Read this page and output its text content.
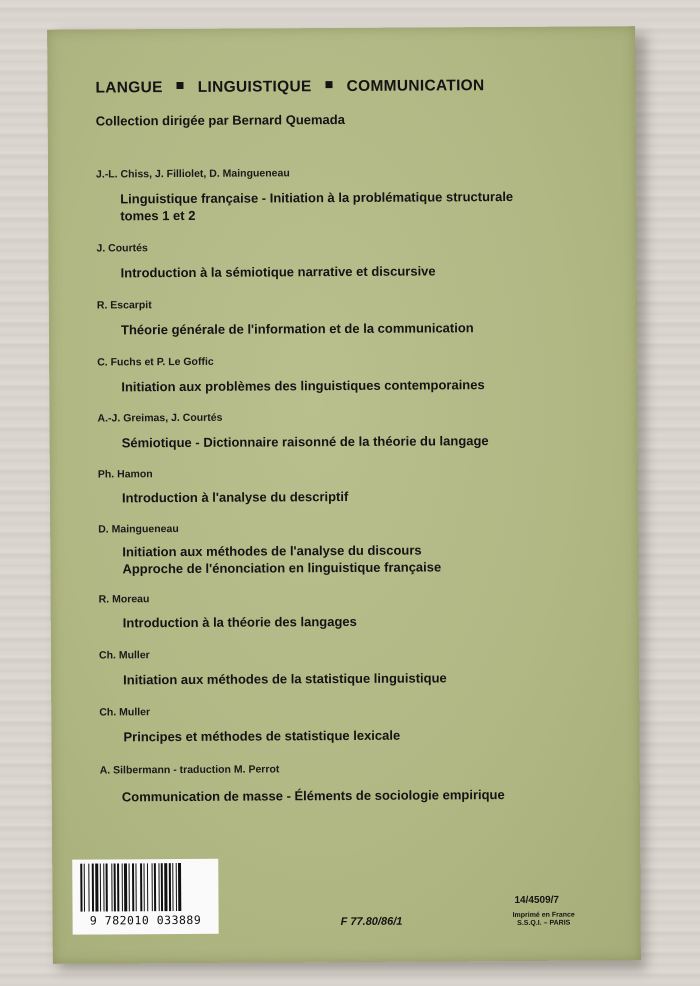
LANGUE LINGUISTIQUE COMMUNICATION
Collection dirigée par Bernard Quemada
J.-L. Chiss, J. Filliolet, D. Maingueneau
Linguistique française - Initiation à la problématique structurale
tomes 1 et 2
J. Courtés
Introduction à la sémiotique narrative et discursive
R. Escarpit
Théorie générale de l'information et de la communication
C. Fuchs et P. Le Goffic
Initiation aux problèmes des linguistiques contemporaines
A.-J. Greimas, J. Courtés
Sémiotique - Dictionnaire raisonné de la théorie du langage
Ph. Hamon
Introduction à l'analyse du descriptif
D. Maingueneau
Initiation aux méthodes de l'analyse du discours
Approche de l'énonciation en linguistique française
R. Moreau
Introduction à la théorie des langages
Ch. Muller
Initiation aux méthodes de la statistique linguistique
Ch. Muller
Principes et méthodes de statistique lexicale
A. Silbermann - traduction M. Perrot
Communication de masse - Éléments de sociologie empirique
9 782010 033889	F 77.80/86/1
14/4509/7
Imprimé en France
S.S.Q.I. – PARIS
